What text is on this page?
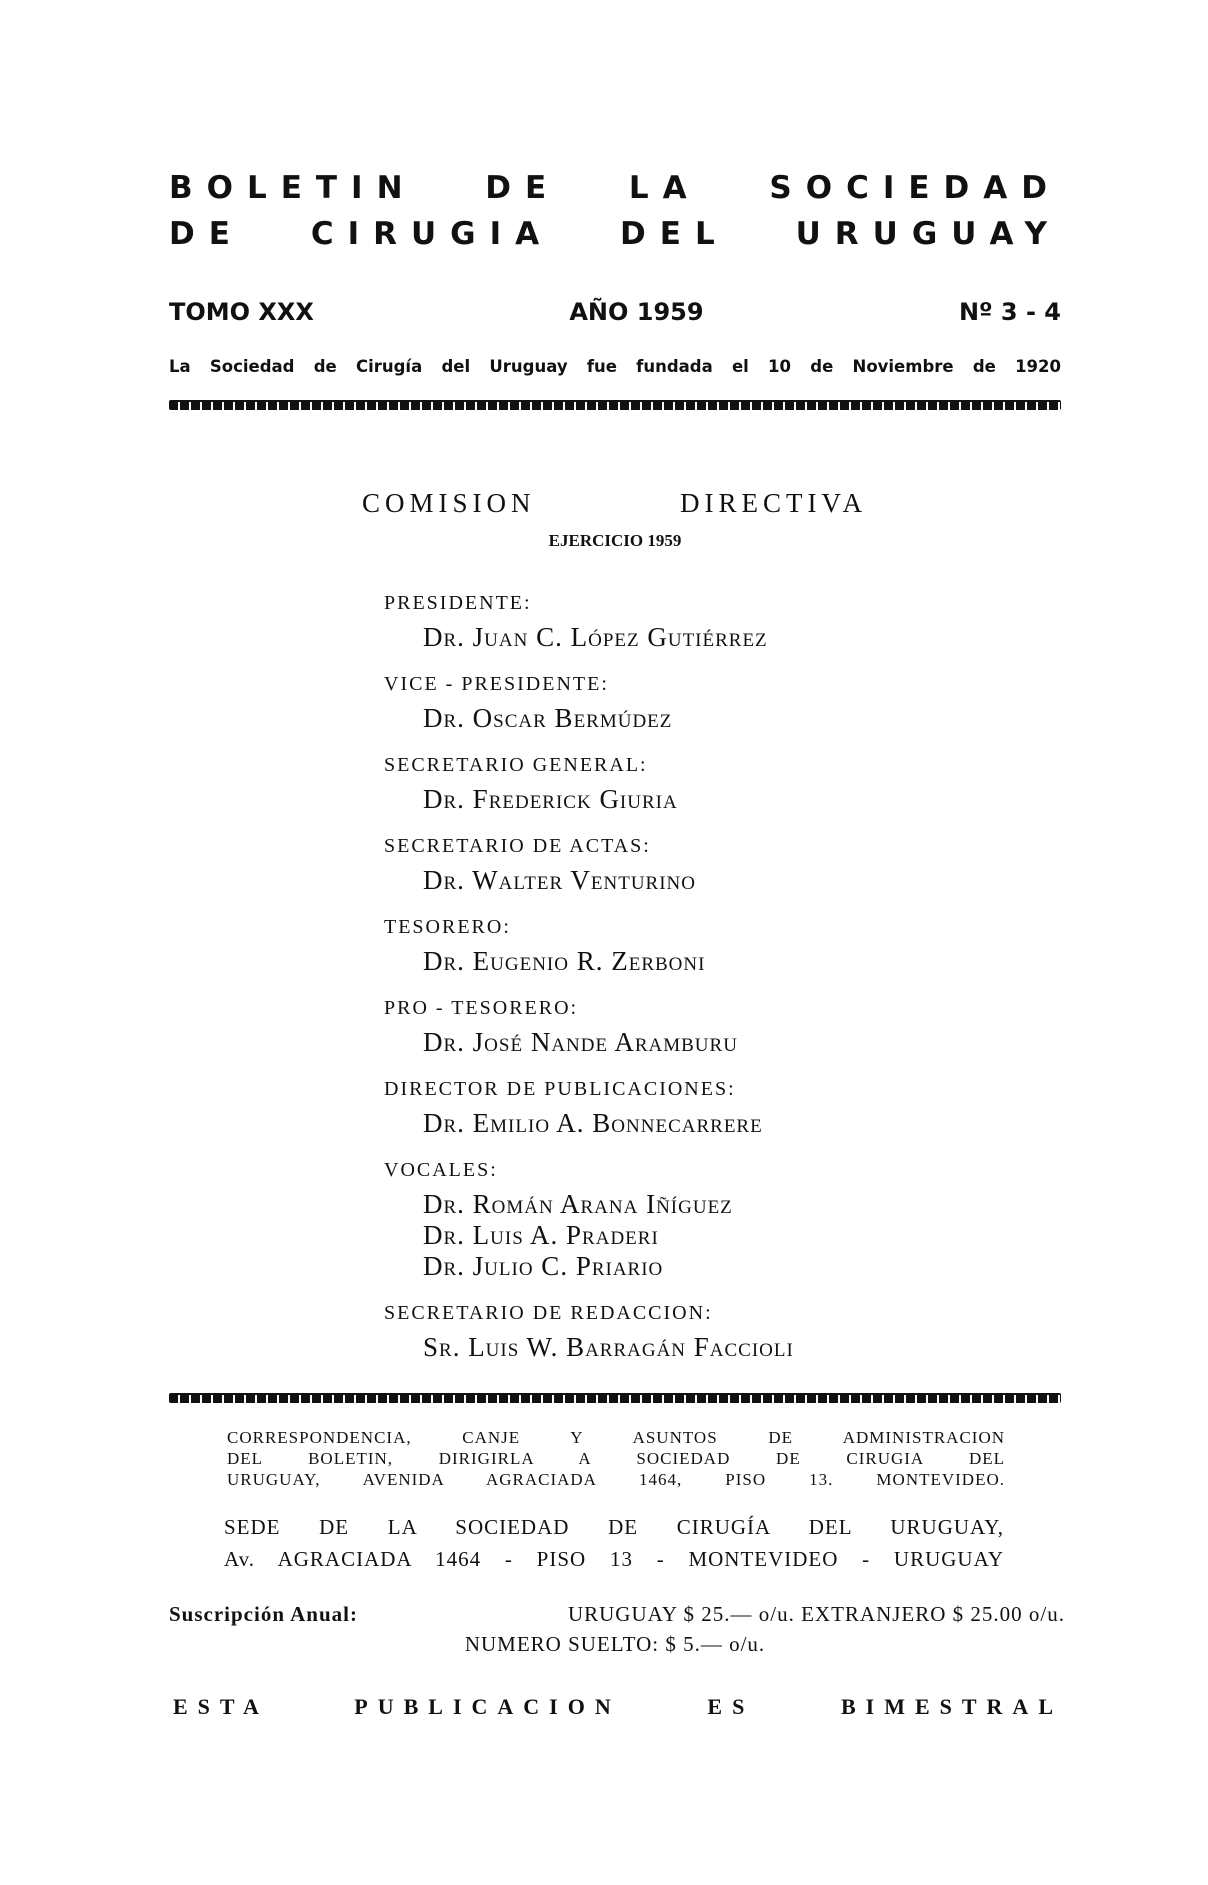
BOLETIN DE LA SOCIEDAD
DE CIRUGIA DEL URUGUAY
TOMO XXX	AÑO 1959	Nº 3 - 4
La Sociedad de Cirugía del Uruguay fue fundada el 10 de Noviembre de 1920
COMISION DIRECTIVA
EJERCICIO 1959
PRESIDENTE:
Dr. Juan C. López Gutiérrez
VICE - PRESIDENTE:
Dr. Oscar Bermúdez
SECRETARIO GENERAL:
Dr. Frederick Giuria
SECRETARIO DE ACTAS:
Dr. Walter Venturino
TESORERO:
Dr. Eugenio R. Zerboni
PRO - TESORERO:
Dr. José Nande Aramburu
DIRECTOR DE PUBLICACIONES:
Dr. Emilio A. Bonnecarrere
VOCALES:
Dr. Román Arana Iñíguez
Dr. Luis A. Praderi
Dr. Julio C. Priario
SECRETARIO DE REDACCION:
Sr. Luis W. Barragán Faccioli
CORRESPONDENCIA, CANJE Y ASUNTOS DE ADMINISTRACION
DEL BOLETIN, DIRIGIRLA A SOCIEDAD DE CIRUGIA DEL
URUGUAY, AVENIDA AGRACIADA 1464, PISO 13. MONTEVIDEO.
SEDE DE LA SOCIEDAD DE CIRUGÍA DEL URUGUAY,
Av. AGRACIADA 1464 - PISO 13 - MONTEVIDEO - URUGUAY
Suscripción Anual:	URUGUAY $ 25.— o/u. EXTRANJERO $ 25.00 o/u.
NUMERO SUELTO: $ 5.— o/u.
ESTA PUBLICACION ES BIMESTRAL
